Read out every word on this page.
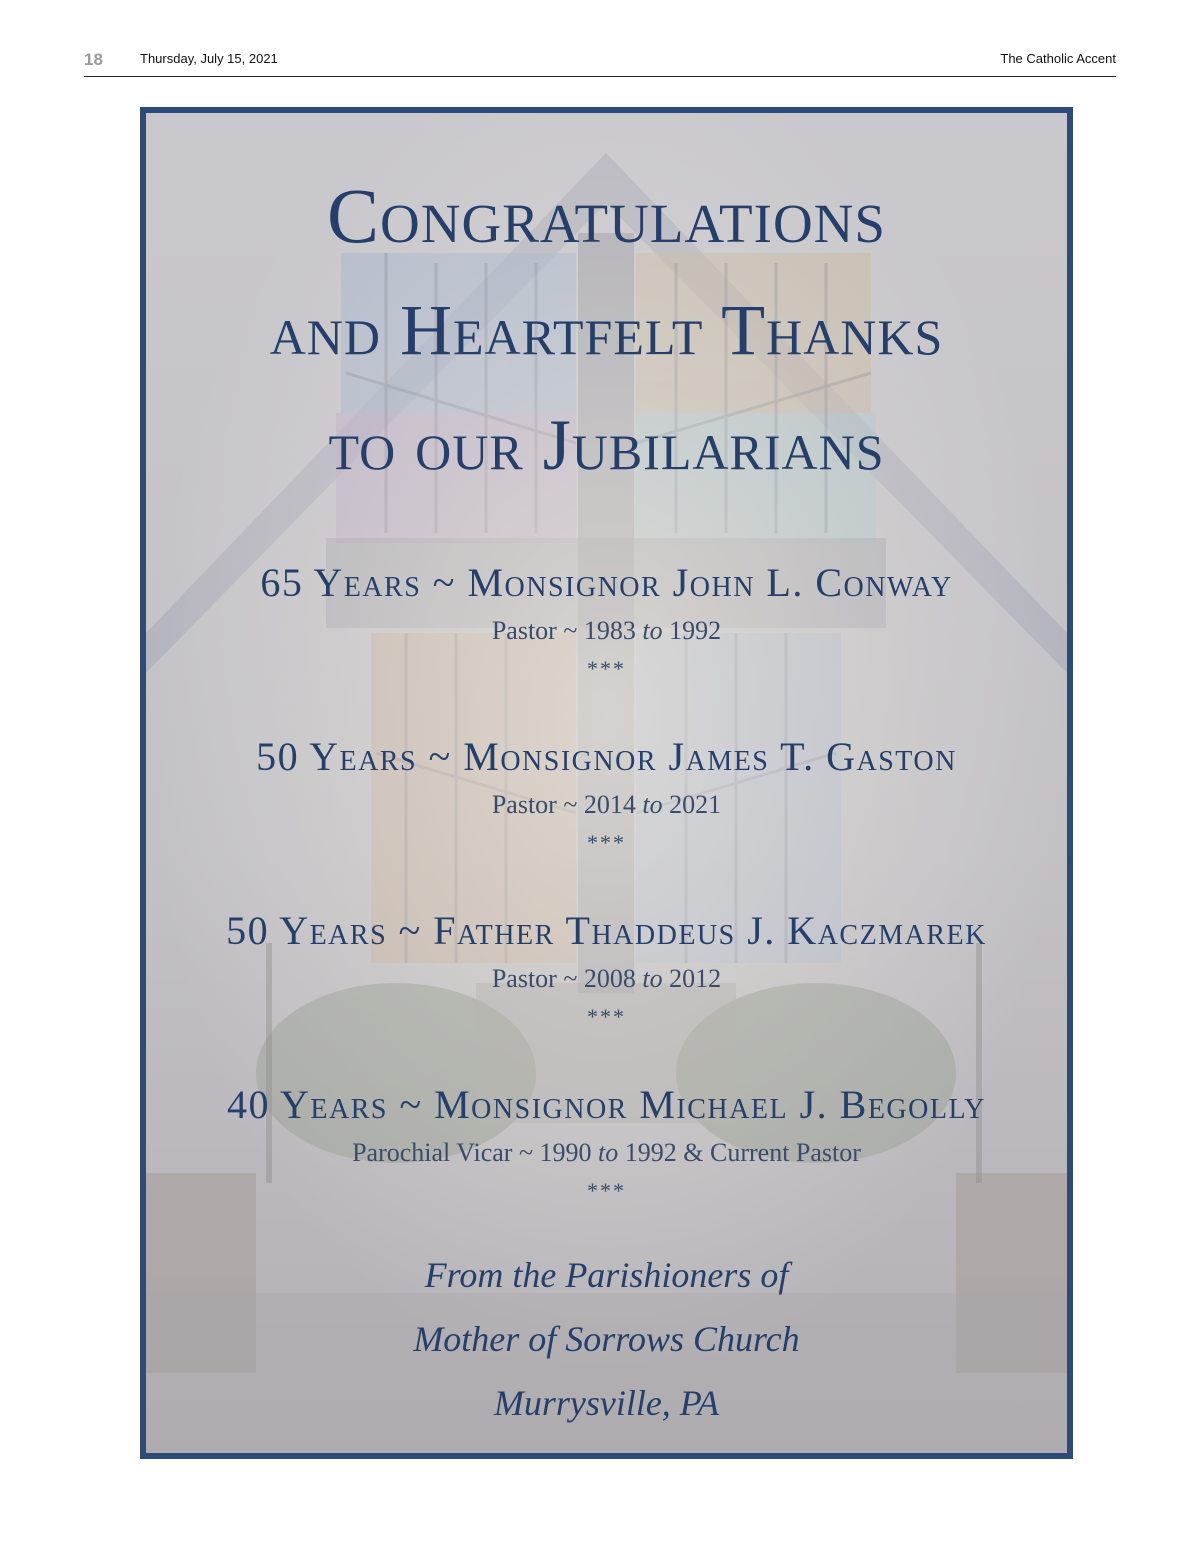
18	Thursday, July 15, 2021	The Catholic Accent
Congratulations
and Heartfelt Thanks
to our Jubilarians
65 Years ~ Monsignor John L. Conway
Pastor ~ 1983 to 1992
***
50 Years ~ Monsignor James T. Gaston
Pastor ~ 2014 to 2021
***
50 Years ~ Father Thaddeus J. Kaczmarek
Pastor ~ 2008 to 2012
***
40 Years ~ Monsignor Michael J. Begolly
Parochial Vicar ~ 1990 to 1992 & Current Pastor
***
From the Parishioners of
Mother of Sorrows Church
Murrysville, PA
